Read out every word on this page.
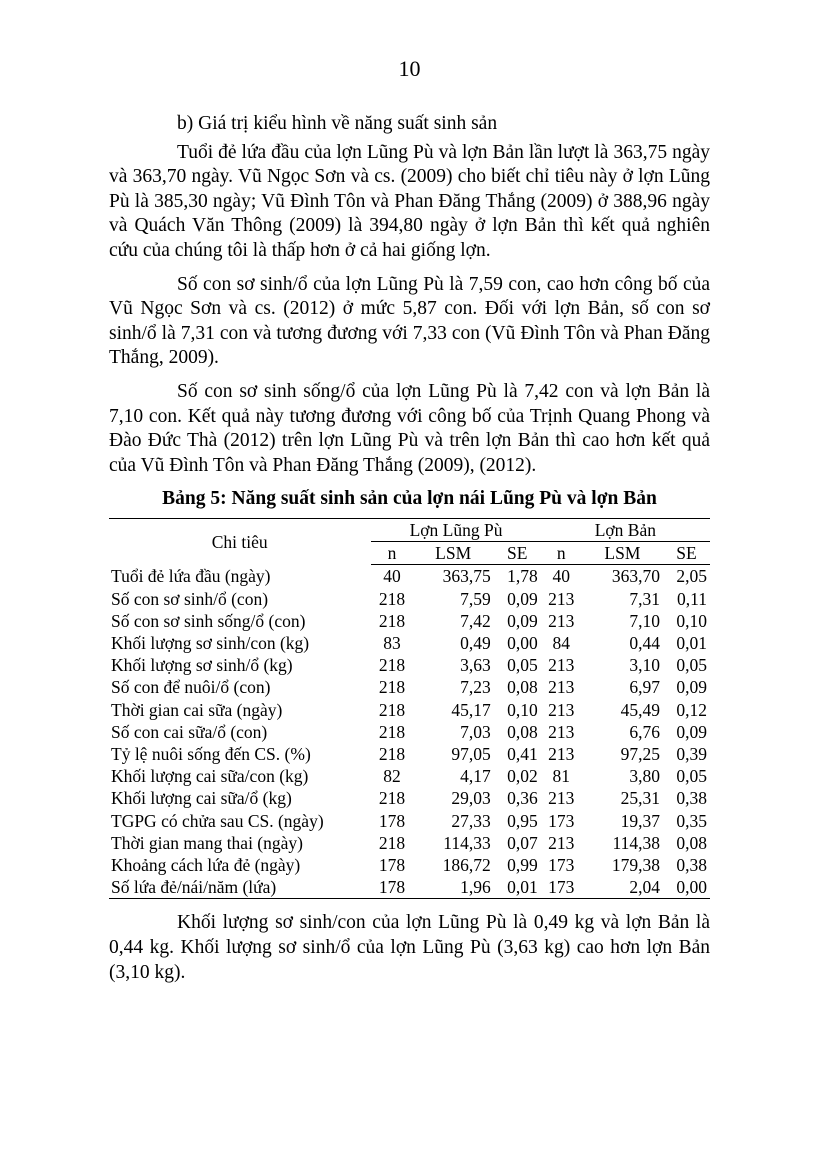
10

b) Giá trị kiểu hình về năng suất sinh sản

Tuổi đẻ lứa đầu của lợn Lũng Pù và lợn Bản lần lượt là 363,75 ngày và 363,70 ngày. Vũ Ngọc Sơn và cs. (2009) cho biết chỉ tiêu này ở lợn Lũng Pù là 385,30 ngày; Vũ Đình Tôn và Phan Đăng Thắng (2009) ở 388,96 ngày và Quách Văn Thông (2009) là 394,80 ngày ở lợn Bản thì kết quả nghiên cứu của chúng tôi là thấp hơn ở cả hai giống lợn.

Số con sơ sinh/ổ của lợn Lũng Pù là 7,59 con, cao hơn công bố của Vũ Ngọc Sơn và cs. (2012) ở mức 5,87 con. Đối với lợn Bản, số con sơ sinh/ổ là 7,31 con và tương đương với 7,33 con (Vũ Đình Tôn và Phan Đăng Thắng, 2009).

Số con sơ sinh sống/ổ của lợn Lũng Pù là 7,42 con và lợn Bản là 7,10 con. Kết quả này tương đương với công bố của Trịnh Quang Phong và Đào Đức Thà (2012) trên lợn Lũng Pù và trên lợn Bản thì cao hơn kết quả của Vũ Đình Tôn và Phan Đăng Thắng (2009), (2012).

Bảng 5: Năng suất sinh sản của lợn nái Lũng Pù và lợn Bản
Chi tiêu	Lợn Lũng Pù			Lợn Bản		
	n	LSM	SE	n	LSM	SE
Tuổi đẻ lứa đầu (ngày)	40	363,75	1,78	40	363,70	2,05
Số con sơ sinh/ổ (con)	218	7,59	0,09	213	7,31	0,11
Số con sơ sinh sống/ổ (con)	218	7,42	0,09	213	7,10	0,10
Khối lượng sơ sinh/con (kg)	83	0,49	0,00	84	0,44	0,01
Khối lượng sơ sinh/ổ (kg)	218	3,63	0,05	213	3,10	0,05
Số con để nuôi/ổ (con)	218	7,23	0,08	213	6,97	0,09
Thời gian cai sữa (ngày)	218	45,17	0,10	213	45,49	0,12
Số con cai sữa/ổ (con)	218	7,03	0,08	213	6,76	0,09
Tỷ lệ nuôi sống đến CS. (%)	218	97,05	0,41	213	97,25	0,39
Khối lượng cai sữa/con (kg)	82	4,17	0,02	81	3,80	0,05
Khối lượng cai sữa/ổ (kg)	218	29,03	0,36	213	25,31	0,38
TGPG có chửa sau CS. (ngày)	178	27,33	0,95	173	19,37	0,35
Thời gian mang thai (ngày)	218	114,33	0,07	213	114,38	0,08
Khoảng cách lứa đẻ (ngày)	178	186,72	0,99	173	179,38	0,38
Số lứa đẻ/nái/năm (lứa)	178	1,96	0,01	173	2,04	0,00

Khối lượng sơ sinh/con của lợn Lũng Pù là 0,49 kg và lợn Bản là 0,44 kg. Khối lượng sơ sinh/ổ của lợn Lũng Pù (3,63 kg) cao hơn lợn Bản (3,10 kg).
